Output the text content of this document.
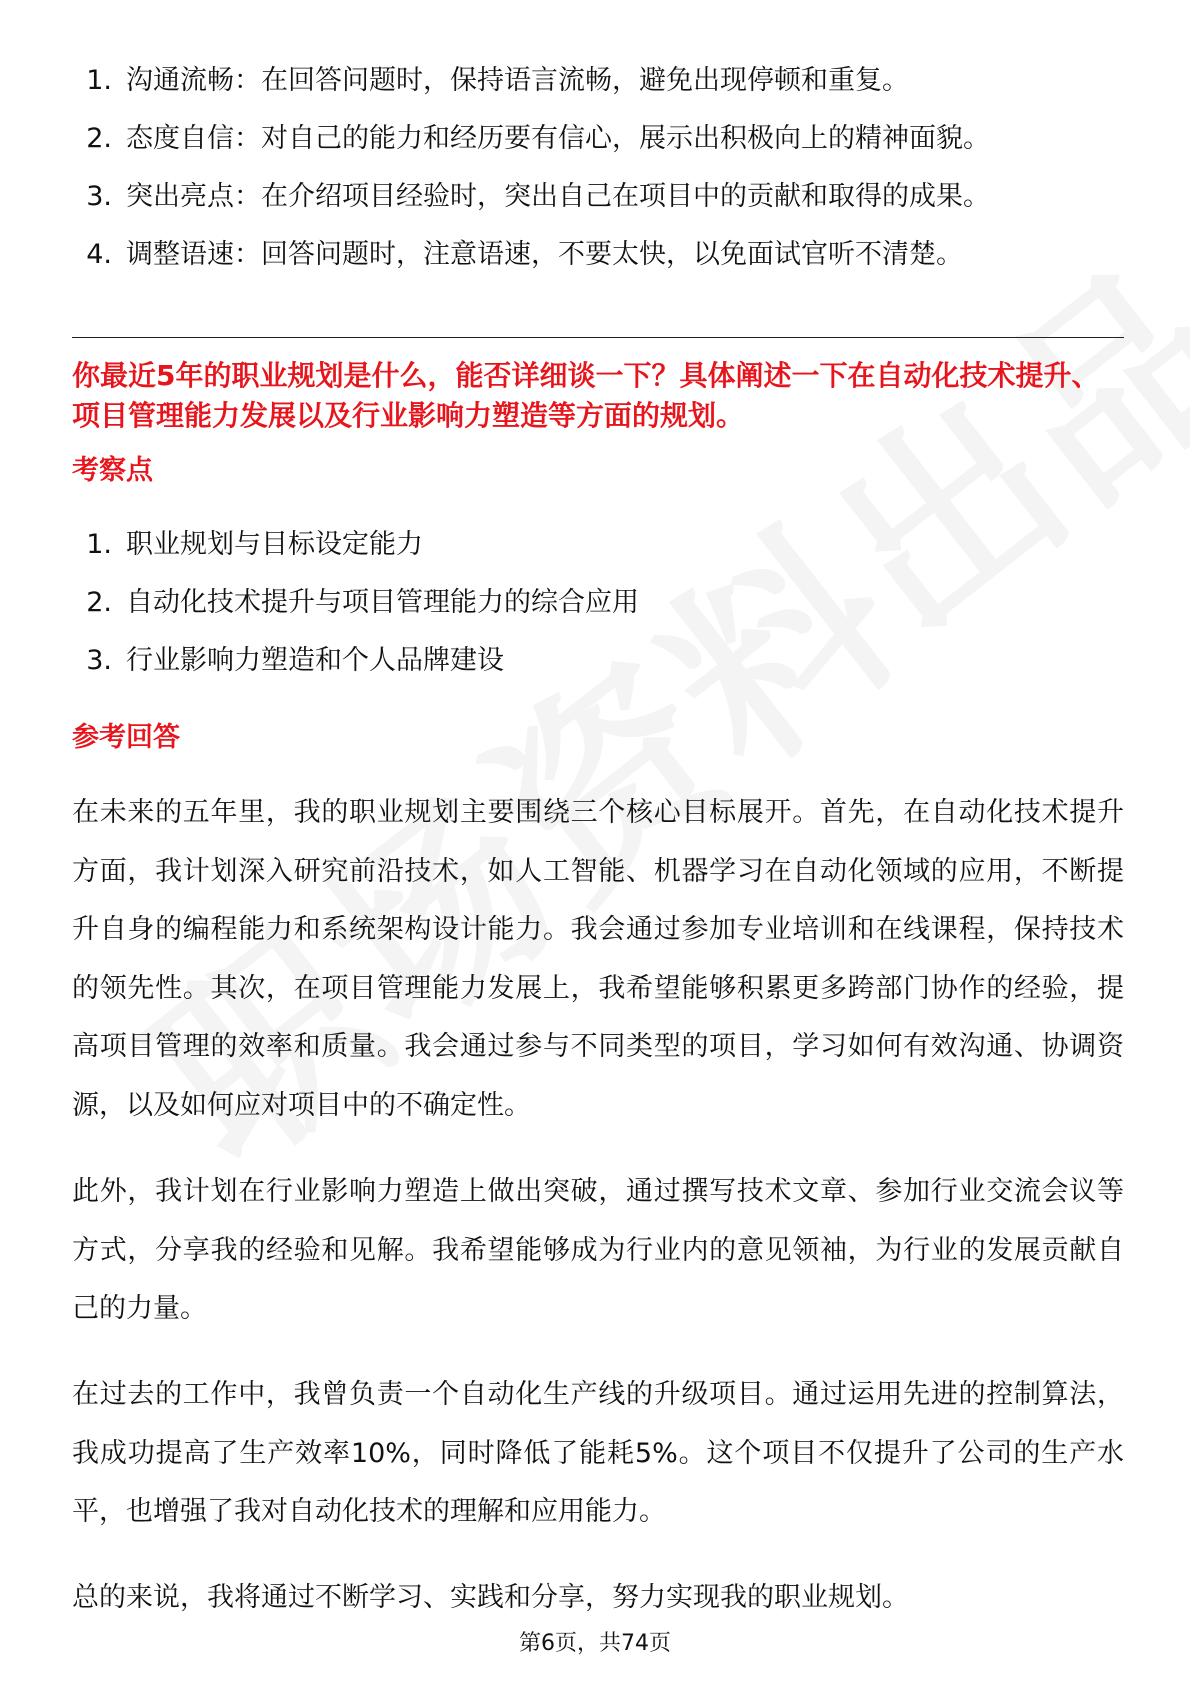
1. 沟通流畅：在回答问题时，保持语言流畅，避免出现停顿和重复。
2. 态度自信：对自己的能力和经历要有信心，展示出积极向上的精神面貌。
3. 突出亮点：在介绍项目经验时，突出自己在项目中的贡献和取得的成果。
4. 调整语速：回答问题时，注意语速，不要太快，以免面试官听不清楚。
你最近5年的职业规划是什么，能否详细谈一下？具体阐述一下在自动化技术提升、项目管理能力发展以及行业影响力塑造等方面的规划。
考察点
1. 职业规划与目标设定能力
2. 自动化技术提升与项目管理能力的综合应用
3. 行业影响力塑造和个人品牌建设
参考回答

在未来的五年里，我的职业规划主要围绕三个核心目标展开。首先，在自动化技术提升方面，我计划深入研究前沿技术，如人工智能、机器学习在自动化领域的应用，不断提升自身的编程能力和系统架构设计能力。我会通过参加专业培训和在线课程，保持技术的领先性。其次，在项目管理能力发展上，我希望能够积累更多跨部门协作的经验，提高项目管理的效率和质量。我会通过参与不同类型的项目，学习如何有效沟通、协调资源，以及如何应对项目中的不确定性。

此外，我计划在行业影响力塑造上做出突破，通过撰写技术文章、参加行业交流会议等方式，分享我的经验和见解。我希望能够成为行业内的意见领袖，为行业的发展贡献自己的力量。

在过去的工作中，我曾负责一个自动化生产线的升级项目。通过运用先进的控制算法，我成功提高了生产效率10%，同时降低了能耗5%。这个项目不仅提升了公司的生产水平，也增强了我对自动化技术的理解和应用能力。

总的来说，我将通过不断学习、实践和分享，努力实现我的职业规划。

第6页，共74页
